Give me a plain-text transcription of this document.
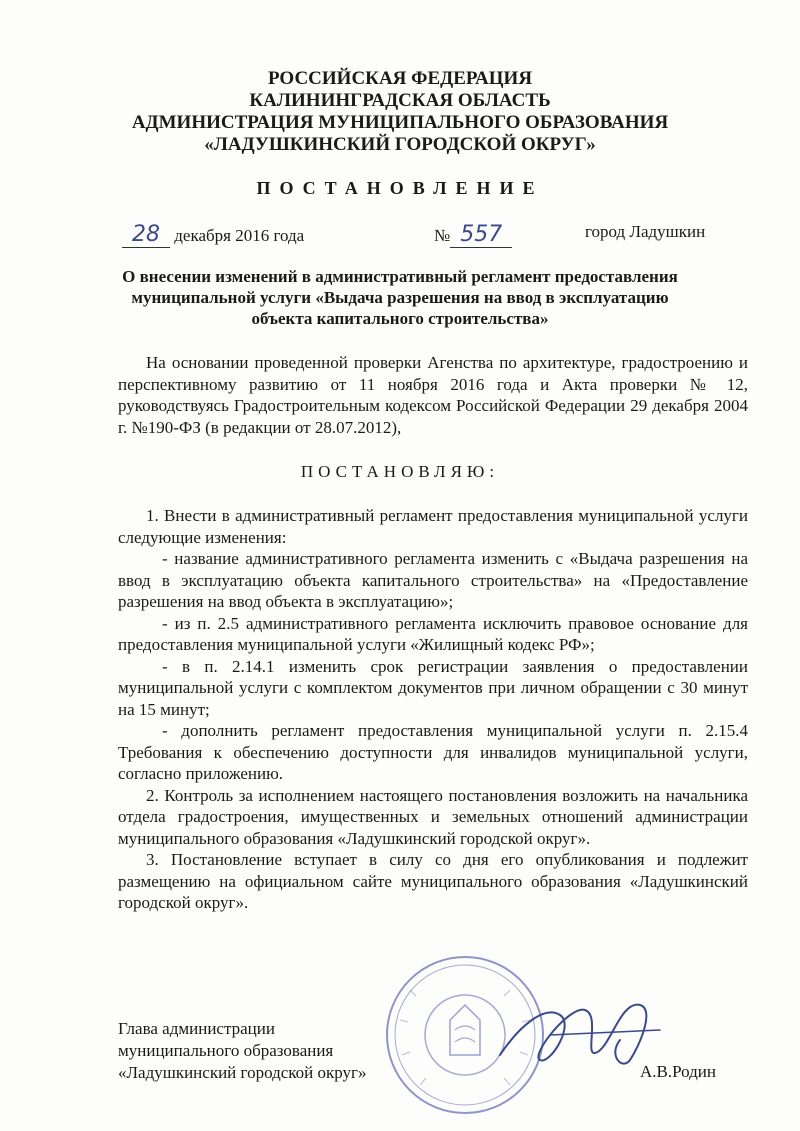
РОССИЙСКАЯ ФЕДЕРАЦИЯ
КАЛИНИНГРАДСКАЯ ОБЛАСТЬ
АДМИНИСТРАЦИЯ МУНИЦИПАЛЬНОГО ОБРАЗОВАНИЯ
«ЛАДУШКИНСКИЙ ГОРОДСКОЙ ОКРУГ»
ПОСТАНОВЛЕНИЕ
28 декабря 2016 года	№ 557	город Ладушкин
О внесении изменений в административный регламент предоставления
муниципальной услуги «Выдача разрешения на ввод в эксплуатацию
объекта капитального строительства»

На основании проведенной проверки Агенства по архитектуре, градостроению и перспективному развитию от 11 ноября 2016 года и Акта проверки № 12, руководствуясь Градостроительным кодексом Российской Федерации 29 декабря 2004 г. №190-ФЗ (в редакции от 28.07.2012),

ПОСТАНОВЛЯЮ:

1. Внести в административный регламент предоставления муниципальной услуги следующие изменения:

- название административного регламента изменить с «Выдача разрешения на ввод в эксплуатацию объекта капитального строительства» на «Предоставление разрешения на ввод объекта в эксплуатацию»;

- из п. 2.5 административного регламента исключить правовое основание для предоставления муниципальной услуги «Жилищный кодекс РФ»;

- в п. 2.14.1 изменить срок регистрации заявления о предоставлении муниципальной услуги с комплектом документов при личном обращении с 30 минут на 15 минут;

- дополнить регламент предоставления муниципальной услуги п. 2.15.4 Требования к обеспечению доступности для инвалидов муниципальной услуги, согласно приложению.

2. Контроль за исполнением настоящего постановления возложить на начальника отдела градостроения, имущественных и земельных отношений администрации муниципального образования «Ладушкинский городской округ».

3. Постановление вступает в силу со дня его опубликования и подлежит размещению на официальном сайте муниципального образования «Ладушкинский городской округ».

Глава администрации
муниципального образования
«Ладушкинский городской округ»	А.В.Родин
